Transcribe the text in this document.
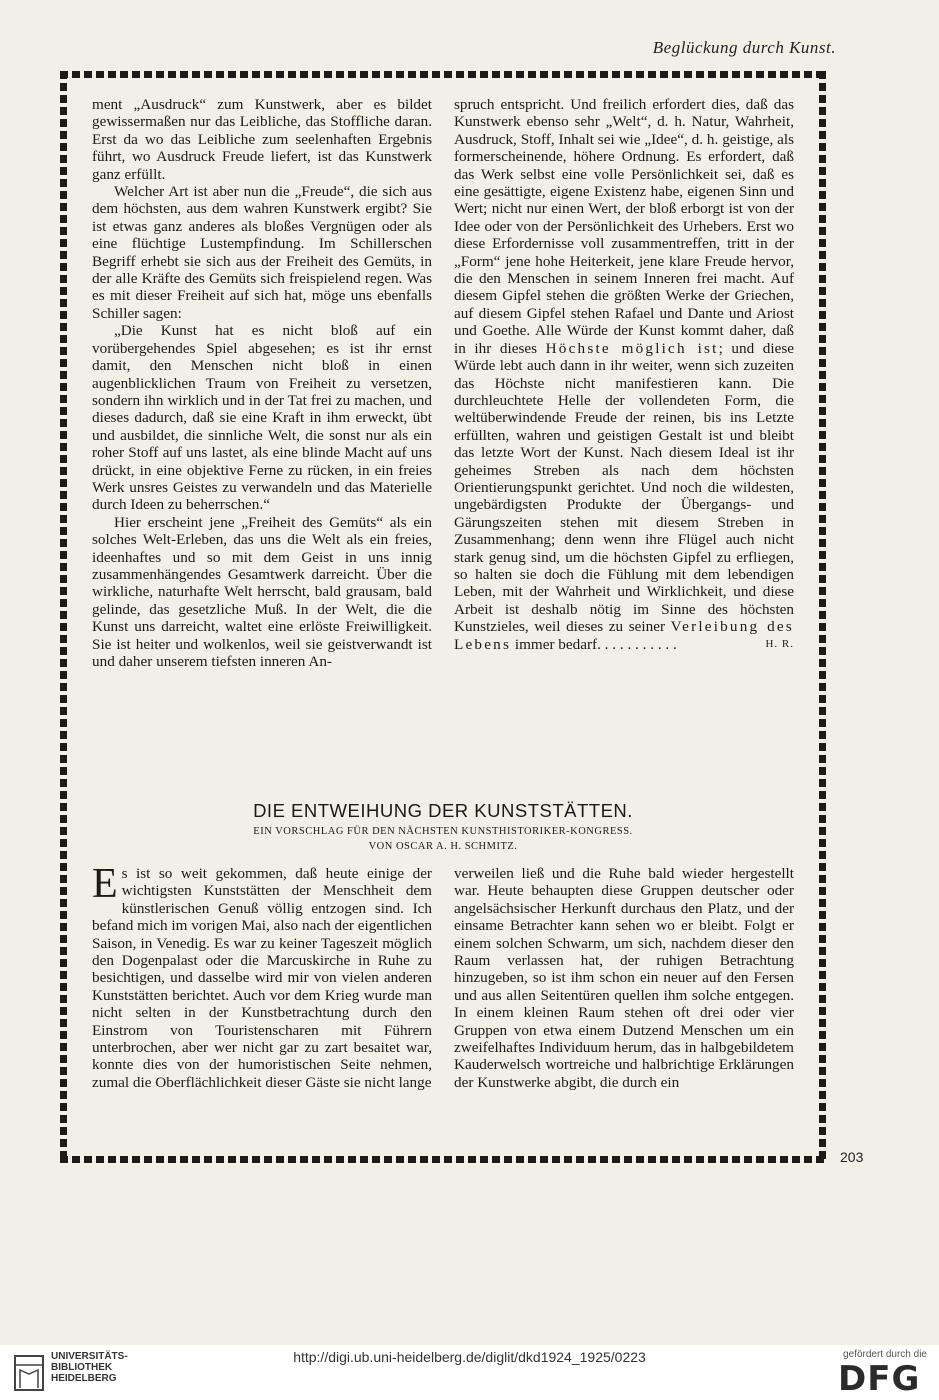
Beglückung durch Kunst.
203

ment „Ausdruck“ zum Kunstwerk, aber es bildet gewissermaßen nur das Leibliche, das Stoffliche daran. Erst da wo das Leibliche zum seelenhaften Ergebnis führt, wo Ausdruck Freude liefert, ist das Kunstwerk ganz erfüllt.

Welcher Art ist aber nun die „Freude“, die sich aus dem höchsten, aus dem wahren Kunstwerk ergibt? Sie ist etwas ganz anderes als bloßes Vergnügen oder als eine flüchtige Lustempfindung. Im Schillerschen Begriff erhebt sie sich aus der Freiheit des Gemüts, in der alle Kräfte des Gemüts sich freispielend regen. Was es mit dieser Freiheit auf sich hat, möge uns ebenfalls Schiller sagen:

„Die Kunst hat es nicht bloß auf ein vorübergehendes Spiel abgesehen; es ist ihr ernst damit, den Menschen nicht bloß in einen augenblicklichen Traum von Freiheit zu versetzen, sondern ihn wirklich und in der Tat frei zu machen, und dieses dadurch, daß sie eine Kraft in ihm erweckt, übt und ausbildet, die sinnliche Welt, die sonst nur als ein roher Stoff auf uns lastet, als eine blinde Macht auf uns drückt, in eine objektive Ferne zu rücken, in ein freies Werk unsres Geistes zu verwandeln und das Materielle durch Ideen zu beherrschen.“

Hier erscheint jene „Freiheit des Gemüts“ als ein solches Welt-Erleben, das uns die Welt als ein freies, ideenhaftes und so mit dem Geist in uns innig zusammenhängendes Gesamtwerk darreicht. Über die wirkliche, naturhafte Welt herrscht, bald grausam, bald gelinde, das gesetzliche Muß. In der Welt, die die Kunst uns darreicht, waltet eine erlöste Freiwilligkeit. Sie ist heiter und wolkenlos, weil sie geistverwandt ist und daher unserem tiefsten inneren An-

spruch entspricht. Und freilich erfordert dies, daß das Kunstwerk ebenso sehr „Welt“, d. h. Natur, Wahrheit, Ausdruck, Stoff, Inhalt sei wie „Idee“, d. h. geistige, als formerscheinende, höhere Ordnung. Es erfordert, daß das Werk selbst eine volle Persönlichkeit sei, daß es eine gesättigte, eigene Existenz habe, eigenen Sinn und Wert; nicht nur einen Wert, der bloß erborgt ist von der Idee oder von der Persönlichkeit des Urhebers. Erst wo diese Erfordernisse voll zusammentreffen, tritt in der „Form“ jene hohe Heiterkeit, jene klare Freude hervor, die den Menschen in seinem Inneren frei macht. Auf diesem Gipfel stehen die größten Werke der Griechen, auf diesem Gipfel stehen Rafael und Dante und Ariost und Goethe. Alle Würde der Kunst kommt daher, daß in ihr dieses Höchste möglich ist; und diese Würde lebt auch dann in ihr weiter, wenn sich zuzeiten das Höchste nicht manifestieren kann. Die durchleuchtete Helle der vollendeten Form, die weltüberwindende Freude der reinen, bis ins Letzte erfüllten, wahren und geistigen Gestalt ist und bleibt das letzte Wort der Kunst. Nach diesem Ideal ist ihr geheimes Streben als nach dem höchsten Orientierungspunkt gerichtet. Und noch die wildesten, ungebärdigsten Produkte der Übergangs- und Gärungszeiten stehen mit diesem Streben in Zusammenhang; denn wenn ihre Flügel auch nicht stark genug sind, um die höchsten Gipfel zu erfliegen, so halten sie doch die Fühlung mit dem lebendigen Leben, mit der Wahrheit und Wirklichkeit, und diese Arbeit ist deshalb nötig im Sinne des höchsten Kunstzieles, weil dieses zu seiner Verleibung des Lebens immer bedarf. . . . . . . . . . .	H. R.

DIE ENTWEIHUNG DER KUNSTSTÄTTEN.
EIN VORSCHLAG FÜR DEN NÄCHSTEN KUNSTHISTORIKER-KONGRESS.
VON OSCAR A. H. SCHMITZ.

Es ist so weit gekommen, daß heute einige der wichtigsten Kunststätten der Menschheit dem künstlerischen Genuß völlig entzogen sind. Ich befand mich im vorigen Mai, also nach der eigentlichen Saison, in Venedig. Es war zu keiner Tageszeit möglich den Dogenpalast oder die Marcuskirche in Ruhe zu besichtigen, und dasselbe wird mir von vielen anderen Kunststätten berichtet. Auch vor dem Krieg wurde man nicht selten in der Kunstbetrachtung durch den Einstrom von Touristenscharen mit Führern unterbrochen, aber wer nicht gar zu zart besaitet war, konnte dies von der humoristischen Seite nehmen, zumal die Oberflächlichkeit dieser Gäste sie nicht lange

verweilen ließ und die Ruhe bald wieder hergestellt war. Heute behaupten diese Gruppen deutscher oder angelsächsischer Herkunft durchaus den Platz, und der einsame Betrachter kann sehen wo er bleibt. Folgt er einem solchen Schwarm, um sich, nachdem dieser den Raum verlassen hat, der ruhigen Betrachtung hinzugeben, so ist ihm schon ein neuer auf den Fersen und aus allen Seitentüren quellen ihm solche entgegen. In einem kleinen Raum stehen oft drei oder vier Gruppen von etwa einem Dutzend Menschen um ein zweifelhaftes Individuum herum, das in halbgebildetem Kauderwelsch wortreiche und halbrichtige Erklärungen der Kunstwerke abgibt, die durch ein

UNIVERSITÄTS-
BIBLIOTHEK
HEIDELBERG
http://digi.ub.uni-heidelberg.de/diglit/dkd1924_1925/0223	gefördert durch die
DFG
